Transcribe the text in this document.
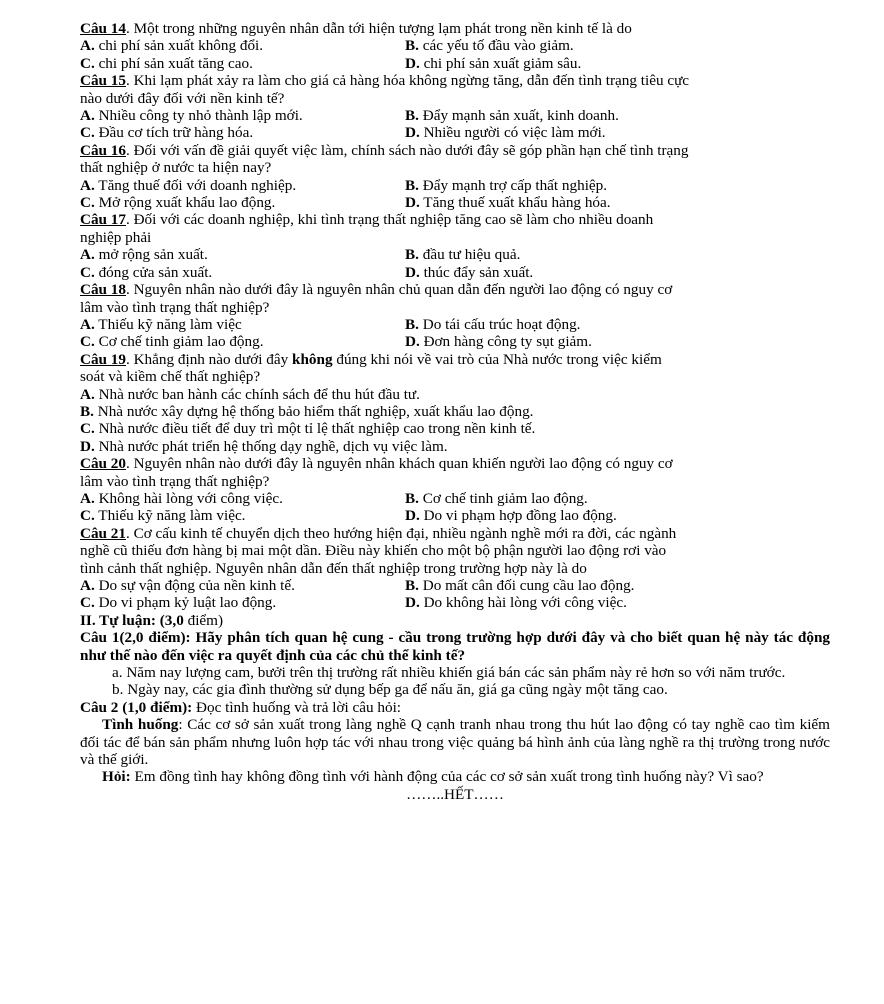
Câu 14. Một trong những nguyên nhân dẫn tới hiện tượng lạm phát trong nền kinh tế là do
A. chi phí sản xuất không đổi.	B. các yếu tố đầu vào giảm.
C. chi phí sản xuất tăng cao.	D. chi phí sản xuất giảm sâu.
Câu 15. Khi lạm phát xảy ra làm cho giá cả hàng hóa không ngừng tăng, dẫn đến tình trạng tiêu cực
nào dưới đây đối với nền kinh tế?
A. Nhiều công ty nhỏ thành lập mới.	B. Đẩy mạnh sản xuất, kinh doanh.
C. Đầu cơ tích trữ hàng hóa.	D. Nhiều người có việc làm mới.
Câu 16. Đối với vấn đề giải quyết việc làm, chính sách nào dưới đây sẽ góp phần hạn chế tình trạng
thất nghiệp ở nước ta hiện nay?
A. Tăng thuế đối với doanh nghiệp.	B. Đẩy mạnh trợ cấp thất nghiệp.
C. Mở rộng xuất khẩu lao động.	D. Tăng thuế xuất khẩu hàng hóa.
Câu 17. Đối với các doanh nghiệp, khi tình trạng thất nghiệp tăng cao sẽ làm cho nhiều doanh
nghiệp phải
A. mở rộng sản xuất.	B. đầu tư hiệu quả.
C. đóng cửa sản xuất.	D. thúc đẩy sản xuất.
Câu 18. Nguyên nhân nào dưới đây là nguyên nhân chủ quan dẫn đến người lao động có nguy cơ
lâm vào tình trạng thất nghiệp?
A. Thiếu kỹ năng làm việc	B. Do tái cấu trúc hoạt động.
C. Cơ chế tinh giảm lao động.	D. Đơn hàng công ty sụt giảm.
Câu 19. Khẳng định nào dưới đây không đúng khi nói về vai trò của Nhà nước trong việc kiểm
soát và kiềm chế thất nghiệp?
A. Nhà nước ban hành các chính sách để thu hút đầu tư.
B. Nhà nước xây dựng hệ thống bảo hiểm thất nghiệp, xuất khẩu lao động.
C. Nhà nước điều tiết để duy trì một tỉ lệ thất nghiệp cao trong nền kinh tế.
D. Nhà nước phát triển hệ thống dạy nghề, dịch vụ việc làm.
Câu 20. Nguyên nhân nào dưới đây là nguyên nhân khách quan khiến người lao động có nguy cơ
lâm vào tình trạng thất nghiệp?
A. Không hài lòng với công việc.	B. Cơ chế tinh giảm lao động.
C. Thiếu kỹ năng làm việc.	D. Do vi phạm hợp đồng lao động.
Câu 21. Cơ cấu kinh tế chuyển dịch theo hướng hiện đại, nhiều ngành nghề mới ra đời, các ngành
nghề cũ thiếu đơn hàng bị mai một dần. Điều này khiến cho một bộ phận người lao động rơi vào
tình cảnh thất nghiệp. Nguyên nhân dẫn đến thất nghiệp trong trường hợp này là do
A. Do sự vận động của nền kinh tế.	B. Do mất cân đối cung cầu lao động.
C. Do vi phạm kỷ luật lao động.	D. Do không hài lòng với công việc.
II. Tự luận: (3,0 điểm)
Câu 1(2,0 điểm): Hãy phân tích quan hệ cung - cầu trong trường hợp dưới đây và cho biết quan hệ này tác động như thế nào đến việc ra quyết định của các chủ thể kinh tế?
a. Năm nay lượng cam, bưởi trên thị trường rất nhiều khiến giá bán các sản phẩm này rẻ hơn so với năm trước.
b. Ngày nay, các gia đình thường sử dụng bếp ga để nấu ăn, giá ga cũng ngày một tăng cao.
Câu 2 (1,0 điểm): Đọc tình huống và trả lời câu hỏi:
Tình huống: Các cơ sở sản xuất trong làng nghề Q cạnh tranh nhau trong thu hút lao động có tay nghề cao tìm kiếm đối tác để bán sản phẩm nhưng luôn hợp tác với nhau trong việc quảng bá hình ảnh của làng nghề ra thị trường trong nước và thế giới.
Hỏi: Em đồng tình hay không đồng tình với hành động của các cơ sở sản xuất trong tình huống này? Vì sao?
……..HẾT……
